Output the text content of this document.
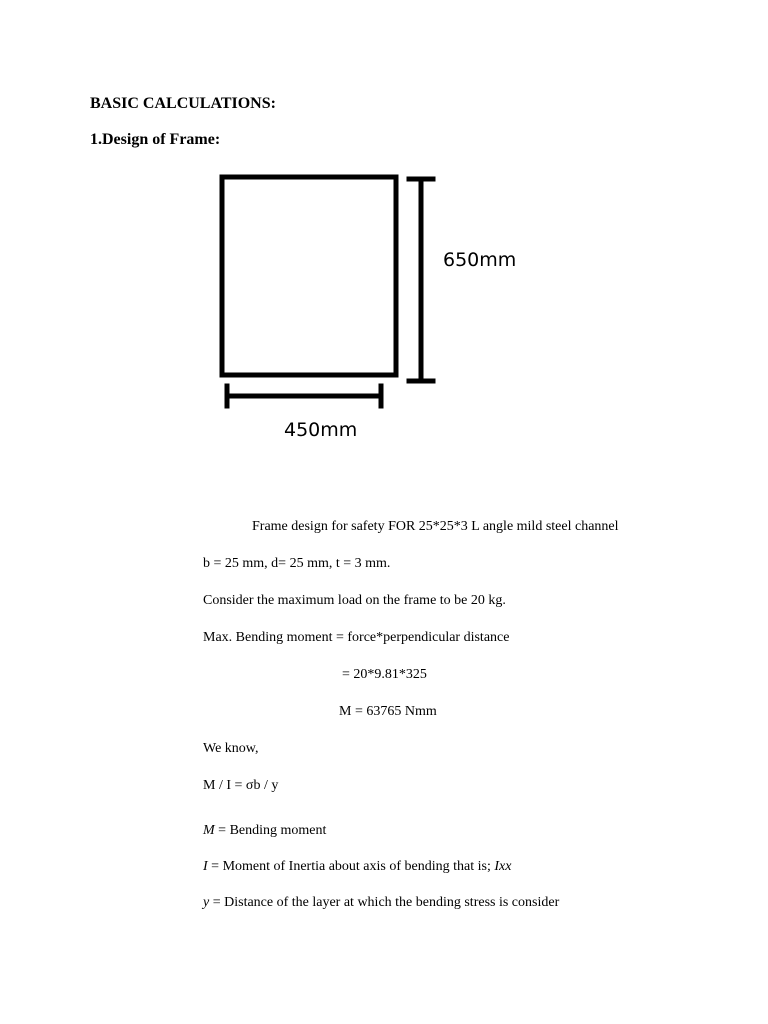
BASIC CALCULATIONS:
1.Design of Frame:
650mm
450mm
Frame design for safety FOR 25*25*3 L angle mild steel channel
b = 25 mm, d= 25 mm, t = 3 mm.
Consider the maximum load on the frame to be 20 kg.
Max. Bending moment = force*perpendicular distance
= 20*9.81*325
M = 63765 Nmm
We know,
M / I = σb / y
M = Bending moment
I = Moment of Inertia about axis of bending that is; Ixx
y = Distance of the layer at which the bending stress is consider
